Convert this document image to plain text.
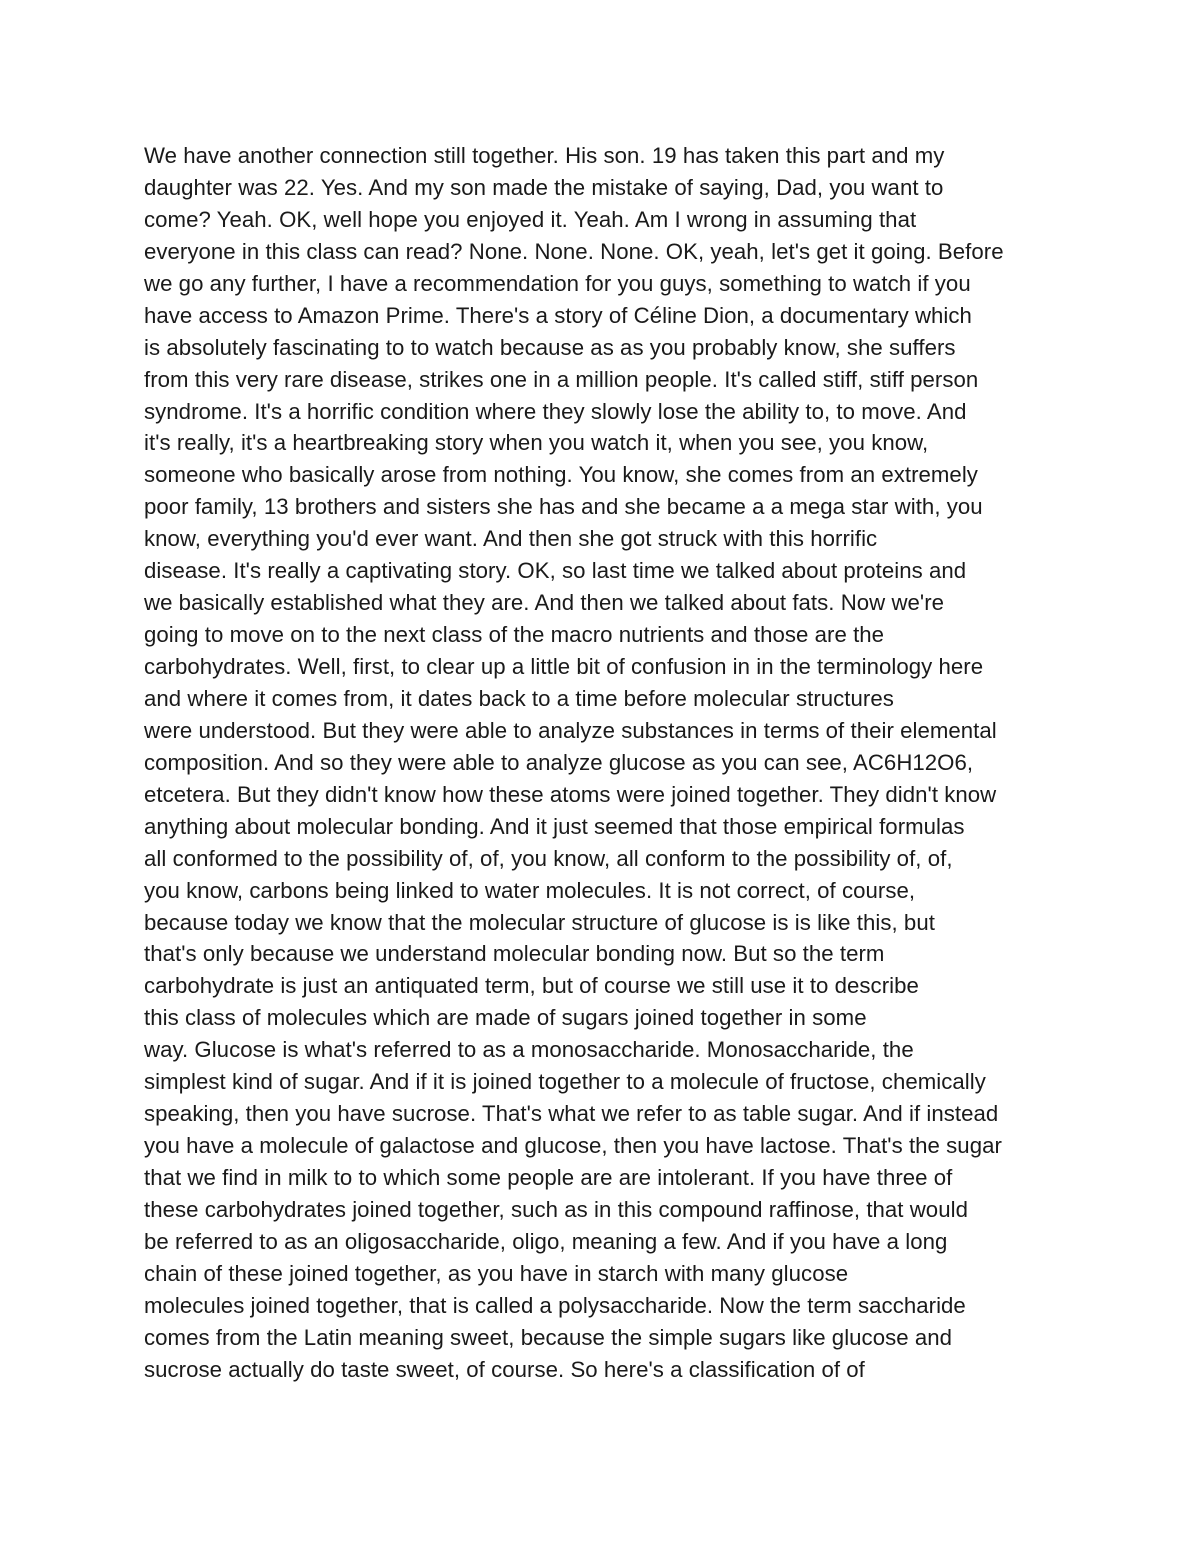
We have another connection still together. His son. 19 has taken this part and my
daughter was 22. Yes. And my son made the mistake of saying, Dad, you want to
come? Yeah. OK, well hope you enjoyed it. Yeah. Am I wrong in assuming that
everyone in this class can read? None. None. None. OK, yeah, let's get it going. Before
we go any further, I have a recommendation for you guys, something to watch if you
have access to Amazon Prime. There's a story of Céline Dion, a documentary which
is absolutely fascinating to to watch because as as you probably know, she suffers
from this very rare disease, strikes one in a million people. It's called stiff, stiff person
syndrome. It's a horrific condition where they slowly lose the ability to, to move. And
it's really, it's a heartbreaking story when you watch it, when you see, you know,
someone who basically arose from nothing. You know, she comes from an extremely
poor family, 13 brothers and sisters she has and she became a a mega star with, you
know, everything you'd ever want. And then she got struck with this horrific
disease. It's really a captivating story. OK, so last time we talked about proteins and
we basically established what they are. And then we talked about fats. Now we're
going to move on to the next class of the macro nutrients and those are the
carbohydrates. Well, first, to clear up a little bit of confusion in in the terminology here
and where it comes from, it dates back to a time before molecular structures
were understood. But they were able to analyze substances in terms of their elemental
composition. And so they were able to analyze glucose as you can see, AC6H12O6,
etcetera. But they didn't know how these atoms were joined together. They didn't know
anything about molecular bonding. And it just seemed that those empirical formulas
all conformed to the possibility of, of, you know, all conform to the possibility of, of,
you know, carbons being linked to water molecules. It is not correct, of course,
because today we know that the molecular structure of glucose is is like this, but
that's only because we understand molecular bonding now. But so the term
carbohydrate is just an antiquated term, but of course we still use it to describe
this class of molecules which are made of sugars joined together in some
way. Glucose is what's referred to as a monosaccharide. Monosaccharide, the
simplest kind of sugar. And if it is joined together to a molecule of fructose, chemically
speaking, then you have sucrose. That's what we refer to as table sugar. And if instead
you have a molecule of galactose and glucose, then you have lactose. That's the sugar
that we find in milk to to which some people are are intolerant. If you have three of
these carbohydrates joined together, such as in this compound raffinose, that would
be referred to as an oligosaccharide, oligo, meaning a few. And if you have a long
chain of these joined together, as you have in starch with many glucose
molecules joined together, that is called a polysaccharide. Now the term saccharide
comes from the Latin meaning sweet, because the simple sugars like glucose and
sucrose actually do taste sweet, of course. So here's a classification of of
